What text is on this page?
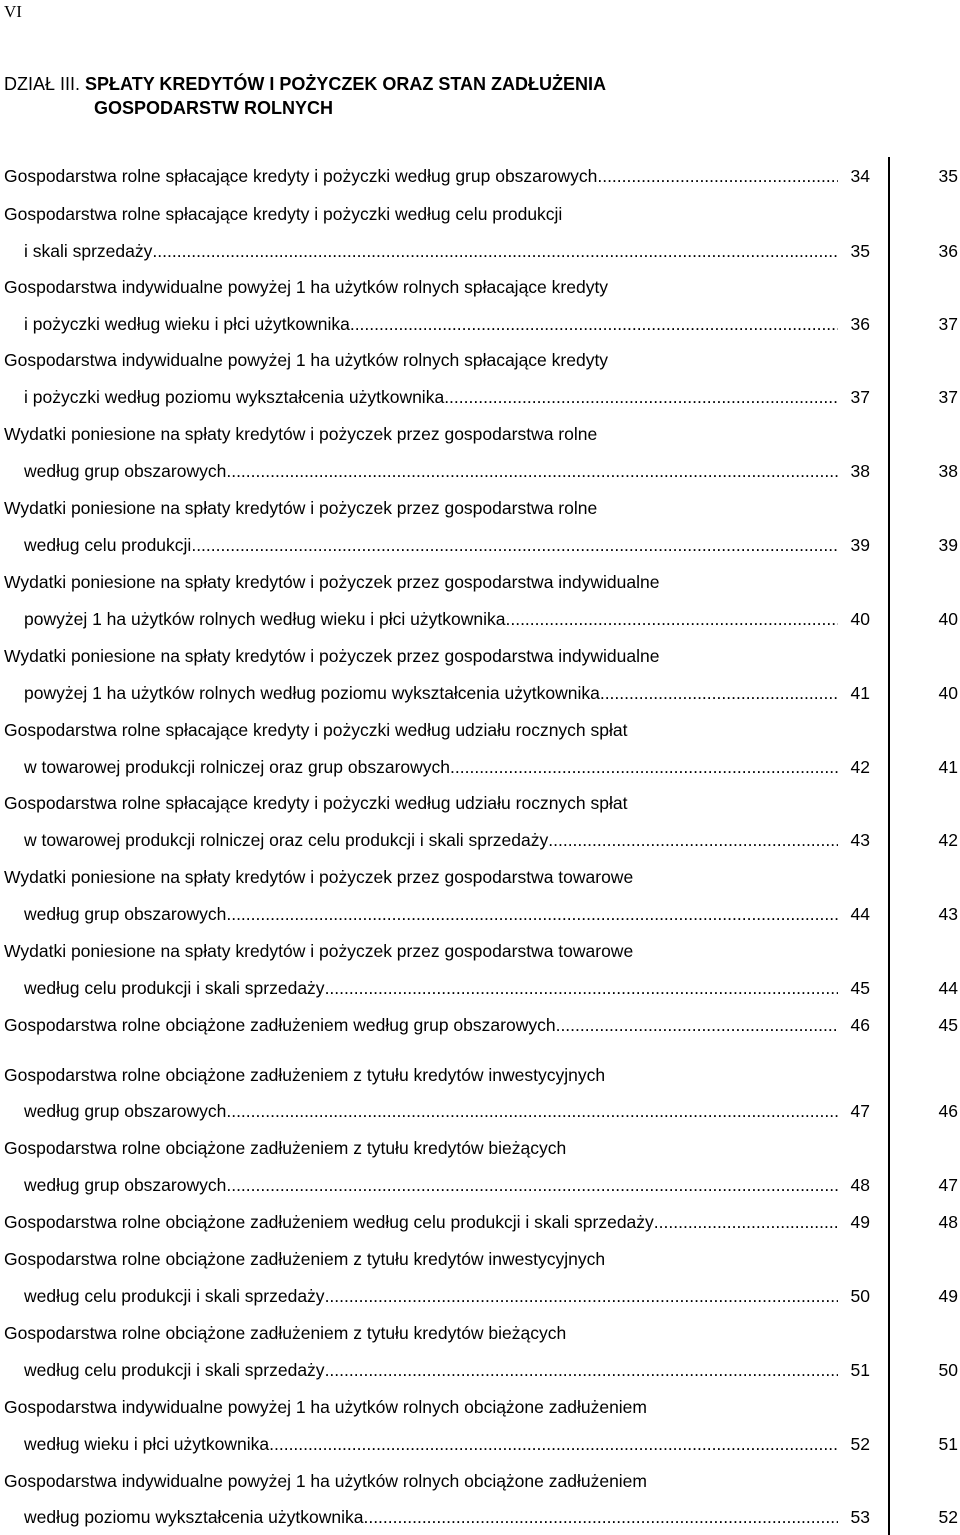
VI
DZIAŁ III. SPŁATY KREDYTÓW I POŻYCZEK ORAZ STAN ZADŁUŻENIA
GOSPODARSTW ROLNYCH
Gospodarstwa rolne spłacające kredyty i pożyczki według grup obszarowych .....	34	35
Gospodarstwa rolne spłacające kredyty i pożyczki według celu produkcji
i skali sprzedaży .....	35	36
Gospodarstwa indywidualne powyżej 1 ha użytków rolnych spłacające kredyty
i pożyczki według wieku i płci użytkownika .....	36	37
Gospodarstwa indywidualne powyżej 1 ha użytków rolnych spłacające kredyty
i pożyczki według poziomu wykształcenia użytkownika .....	37	37
Wydatki poniesione na spłaty kredytów i pożyczek przez gospodarstwa rolne
według grup obszarowych .....	38	38
Wydatki poniesione na spłaty kredytów i pożyczek przez gospodarstwa rolne
według celu produkcji .....	39	39
Wydatki poniesione na spłaty kredytów i pożyczek przez gospodarstwa indywidualne
powyżej 1 ha użytków rolnych według wieku i płci użytkownika .....	40	40
Wydatki poniesione na spłaty kredytów i pożyczek przez gospodarstwa indywidualne
powyżej 1 ha użytków rolnych według poziomu wykształcenia użytkownika .....	41	40
Gospodarstwa rolne spłacające kredyty i pożyczki według udziału rocznych spłat
w towarowej produkcji rolniczej oraz grup obszarowych .....	42	41
Gospodarstwa rolne spłacające kredyty i pożyczki według udziału rocznych spłat
w towarowej produkcji rolniczej oraz celu produkcji i skali sprzedaży .....	43	42
Wydatki poniesione na spłaty kredytów i pożyczek przez gospodarstwa towarowe
według grup obszarowych .....	44	43
Wydatki poniesione na spłaty kredytów i pożyczek przez gospodarstwa towarowe
według celu produkcji i skali sprzedaży .....	45	44
Gospodarstwa rolne obciążone zadłużeniem według grup obszarowych .....	46	45
Gospodarstwa rolne obciążone zadłużeniem z tytułu kredytów inwestycyjnych
według grup obszarowych .....	47	46
Gospodarstwa rolne obciążone zadłużeniem z tytułu kredytów bieżących
według grup obszarowych .....	48	47
Gospodarstwa rolne obciążone zadłużeniem według celu produkcji i skali sprzedaży .....	49	48
Gospodarstwa rolne obciążone zadłużeniem z tytułu kredytów inwestycyjnych
według celu produkcji i skali sprzedaży .....	50	49
Gospodarstwa rolne obciążone zadłużeniem z tytułu kredytów bieżących
według celu produkcji i skali sprzedaży .....	51	50
Gospodarstwa indywidualne powyżej 1 ha użytków rolnych obciążone zadłużeniem
według wieku i płci użytkownika .....	52	51
Gospodarstwa indywidualne powyżej 1 ha użytków rolnych obciążone zadłużeniem
według poziomu wykształcenia użytkownika .....	53	52
